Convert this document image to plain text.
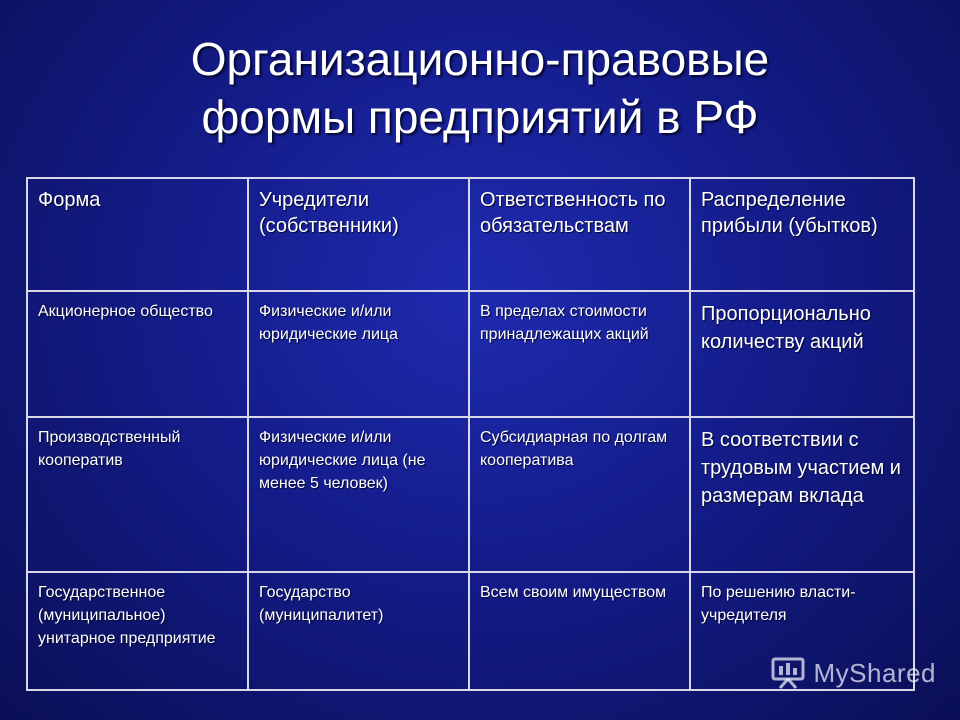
Организационно-правовые
формы предприятий в РФ
Форма	Учредители (собственники)	Ответственность по обязательствам	Распределение прибыли (убытков)
Акционерное общество	Физические и/или юридические лица	В пределах стоимости принадлежащих акций	Пропорционально количеству акций
Производственный кооператив	Физические и/или юридические лица (не менее 5 человек)	Субсидиарная по долгам кооператива	В соответствии с трудовым участием и размерам вклада
Государственное (муниципальное) унитарное предприятие	Государство (муниципалитет)	Всем своим имуществом	По решению власти-учредителя
MyShared
